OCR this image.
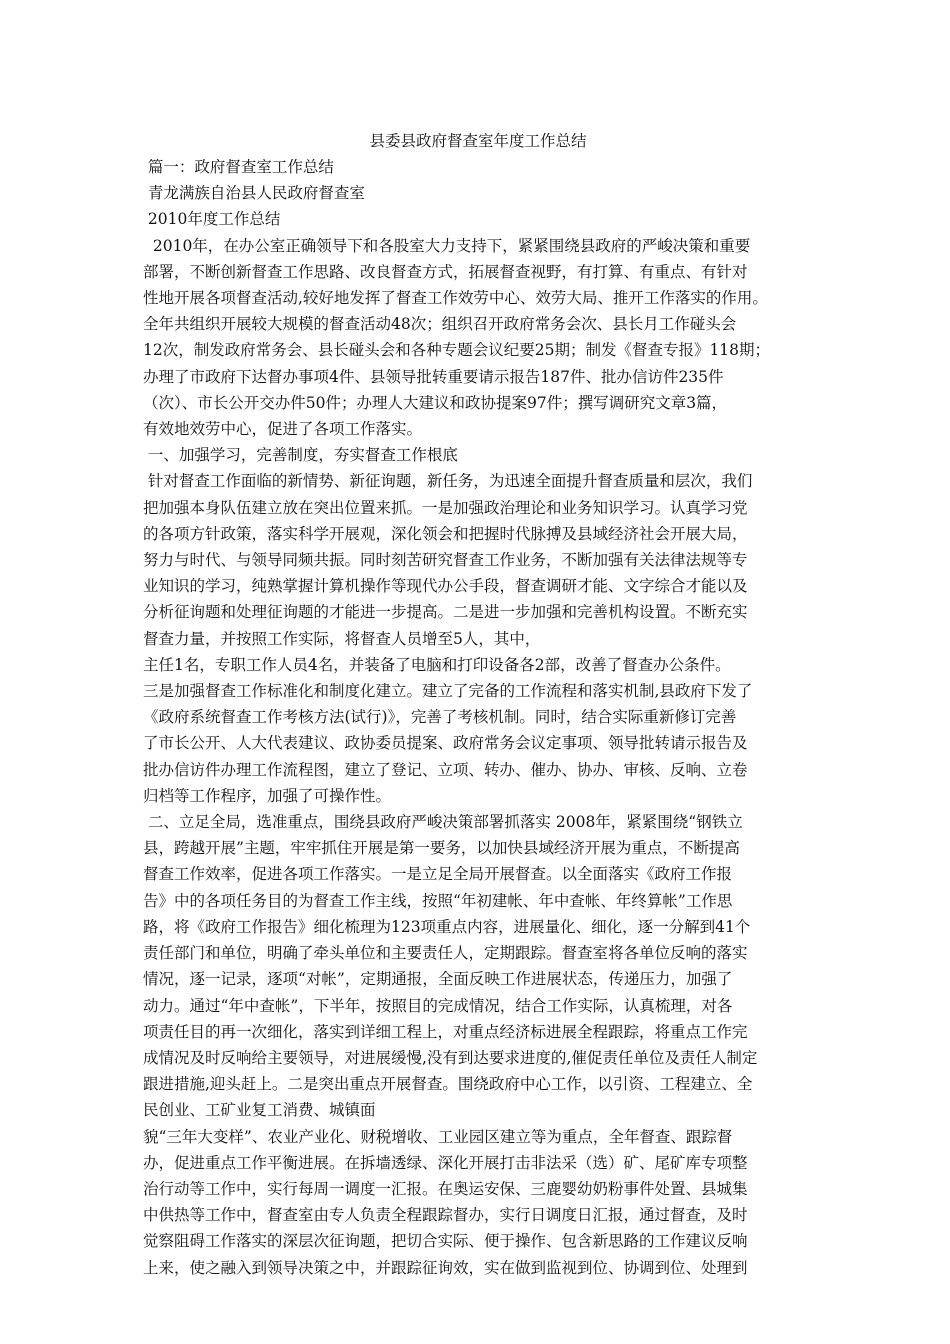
县委县政府督查室年度工作总结

篇一：政府督查室工作总结

青龙满族自治县人民政府督查室

2010年度工作总结

2010年，在办公室正确领导下和各股室大力支持下，紧紧围绕县政府的严峻决策和重要

部署，不断创新督查工作思路、改良督查方式，拓展督查视野，有打算、有重点、有针对

性地开展各项督查活动,较好地发挥了督查工作效劳中心、效劳大局、推开工作落实的作用。

全年共组织开展较大规模的督查活动48次；组织召开政府常务会次、县长月工作碰头会

12次，制发政府常务会、县长碰头会和各种专题会议纪要25期；制发《督查专报》118期；

办理了市政府下达督办事项4件、县领导批转重要请示报告187件、批办信访件235件

（次）、市长公开交办件50件；办理人大建议和政协提案97件；撰写调研究文章3篇，

有效地效劳中心，促进了各项工作落实。

一、加强学习，完善制度，夯实督查工作根底

针对督查工作面临的新情势、新征询题，新任务，为迅速全面提升督查质量和层次，我们

把加强本身队伍建立放在突出位置来抓。一是加强政治理论和业务知识学习。认真学习党

的各项方针政策，落实科学开展观，深化领会和把握时代脉搏及县域经济社会开展大局，

努力与时代、与领导同频共振。同时刻苦研究督查工作业务，不断加强有关法律法规等专

业知识的学习，纯熟掌握计算机操作等现代办公手段，督查调研才能、文字综合才能以及

分析征询题和处理征询题的才能进一步提高。二是进一步加强和完善机构设置。不断充实

督查力量，并按照工作实际，将督查人员增至5人，其中，

主任1名，专职工作人员4名，并装备了电脑和打印设备各2部，改善了督查办公条件。

三是加强督查工作标准化和制度化建立。建立了完备的工作流程和落实机制,县政府下发了

《政府系统督查工作考核方法(试行)》，完善了考核机制。同时，结合实际重新修订完善

了市长公开、人大代表建议、政协委员提案、政府常务会议定事项、领导批转请示报告及

批办信访件办理工作流程图，建立了登记、立项、转办、催办、协办、审核、反响、立卷

归档等工作程序，加强了可操作性。

二、立足全局，选准重点，围绕县政府严峻决策部署抓落实 2008年，紧紧围绕“钢铁立

县，跨越开展”主题，牢牢抓住开展是第一要务，以加快县域经济开展为重点，不断提高

督查工作效率，促进各项工作落实。一是立足全局开展督查。以全面落实《政府工作报

告》中的各项任务目的为督查工作主线，按照“年初建帐、年中查帐、年终算帐”工作思

路，将《政府工作报告》细化梳理为123项重点内容，进展量化、细化，逐一分解到41个

责任部门和单位，明确了牵头单位和主要责任人，定期跟踪。督查室将各单位反响的落实

情况，逐一记录，逐项“对帐”，定期通报，全面反映工作进展状态，传递压力，加强了

动力。通过“年中查帐”，下半年，按照目的完成情况，结合工作实际，认真梳理，对各

项责任目的再一次细化，落实到详细工程上，对重点经济标进展全程跟踪，将重点工作完

成情况及时反响给主要领导，对进展缓慢,没有到达要求进度的,催促责任单位及责任人制定

跟进措施,迎头赶上。二是突出重点开展督查。围绕政府中心工作，以引资、工程建立、全

民创业、工矿业复工消费、城镇面

貌“三年大变样”、农业产业化、财税增收、工业园区建立等为重点，全年督查、跟踪督

办，促进重点工作平衡进展。在拆墙透绿、深化开展打击非法采（选）矿、尾矿库专项整

治行动等工作中，实行每周一调度一汇报。在奥运安保、三鹿婴幼奶粉事件处置、县城集

中供热等工作中，督查室由专人负责全程跟踪督办，实行日调度日汇报，通过督查，及时

觉察阻碍工作落实的深层次征询题，把切合实际、便于操作、包含新思路的工作建议反响

上来，使之融入到领导决策之中，并跟踪征询效，实在做到监视到位、协调到位、处理到
